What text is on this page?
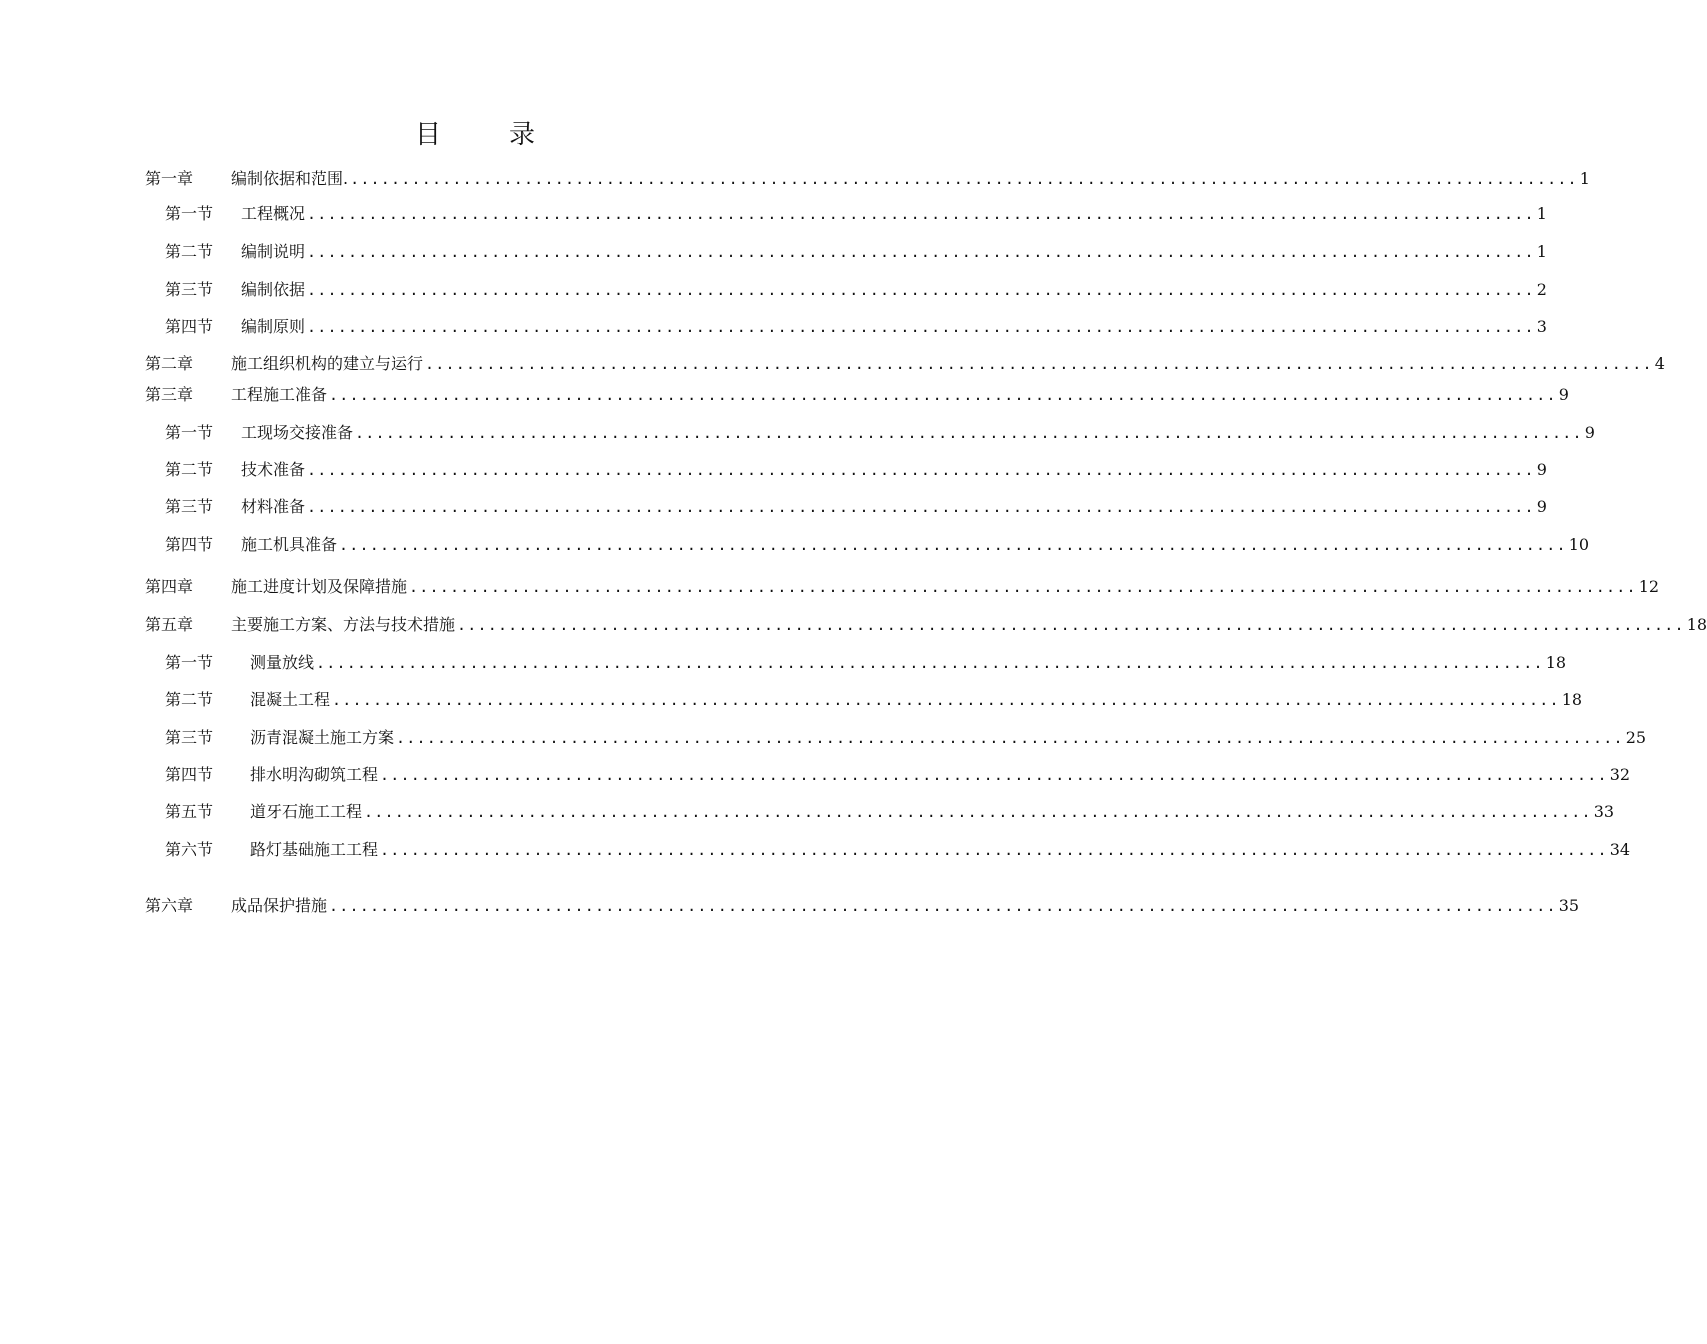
目	录
第一章	编制依据和范围. ........................................................................................................................ 1
第一节	工程概况 ........................................................................................................................ 1
第二节	编制说明 ........................................................................................................................ 1
第三节	编制依据 ........................................................................................................................ 2
第四节	编制原则 ........................................................................................................................ 3
第二章	施工组织机构的建立与运行 ........................................................................................................................ 4
第三章	工程施工准备 ........................................................................................................................ 9
第一节	工现场交接准备 ........................................................................................................................ 9
第二节	技术准备 ........................................................................................................................ 9
第三节	材料准备 ........................................................................................................................ 9
第四节	施工机具准备 ........................................................................................................................ 10
第四章	施工进度计划及保障措施 ........................................................................................................................ 12
第五章	主要施工方案、方法与技术措施 ........................................................................................................................ 18
第一节	测量放线 ........................................................................................................................ 18
第二节	混凝土工程 ........................................................................................................................ 18
第三节	沥青混凝土施工方案 ........................................................................................................................ 25
第四节	排水明沟砌筑工程 ........................................................................................................................ 32
第五节	道牙石施工工程 ........................................................................................................................ 33
第六节	路灯基础施工工程 ........................................................................................................................ 34
第六章	成品保护措施 ........................................................................................................................ 35
